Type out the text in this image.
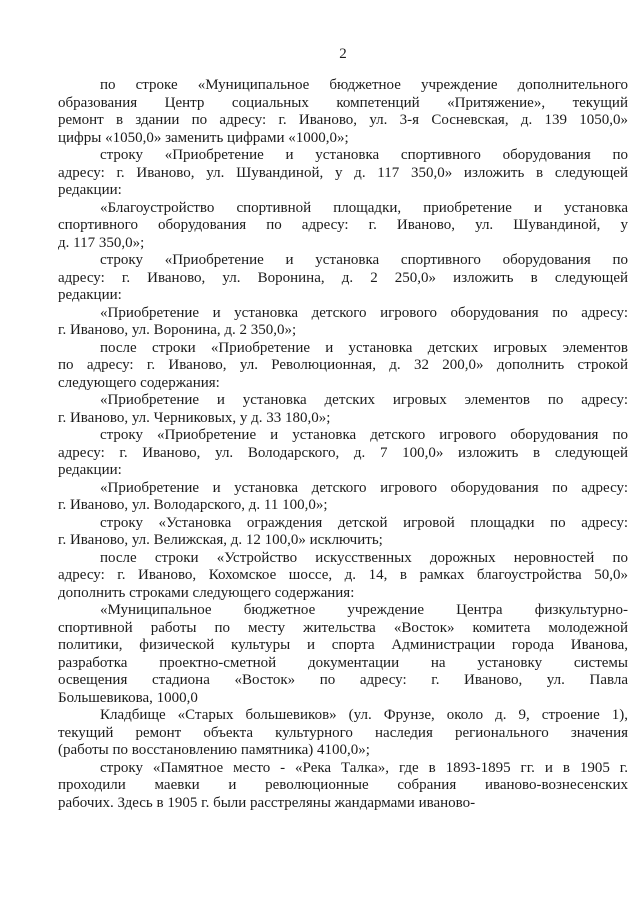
2
по строке «Муниципальное бюджетное учреждение дополнительного
образования Центр социальных компетенций «Притяжение», текущий
ремонт в здании по адресу: г. Иваново, ул. 3-я Сосневская, д. 139 1050,0»
цифры «1050,0» заменить цифрами «1000,0»;
строку «Приобретение и установка спортивного оборудования по
адресу: г. Иваново, ул. Шувандиной, у д. 117 350,0» изложить в следующей
редакции:
«Благоустройство спортивной площадки, приобретение и установка
спортивного оборудования по адресу: г. Иваново, ул. Шувандиной, у
д. 117 350,0»;
строку «Приобретение и установка спортивного оборудования по
адресу: г. Иваново, ул. Воронина, д. 2 250,0» изложить в следующей
редакции:
«Приобретение и установка детского игрового оборудования по адресу:
г. Иваново, ул. Воронина, д. 2 350,0»;
после строки «Приобретение и установка детских игровых элементов
по адресу: г. Иваново, ул. Революционная, д. 32 200,0» дополнить строкой
следующего содержания:
«Приобретение и установка детских игровых элементов по адресу:
г. Иваново, ул. Черниковых, у д. 33 180,0»;
строку «Приобретение и установка детского игрового оборудования по
адресу: г. Иваново, ул. Володарского, д. 7 100,0» изложить в следующей
редакции:
«Приобретение и установка детского игрового оборудования по адресу:
г. Иваново, ул. Володарского, д. 11 100,0»;
строку «Установка ограждения детской игровой площадки по адресу:
г. Иваново, ул. Велижская, д. 12 100,0» исключить;
после строки «Устройство искусственных дорожных неровностей по
адресу: г. Иваново, Кохомское шоссе, д. 14, в рамках благоустройства 50,0»
дополнить строками следующего содержания:
«Муниципальное бюджетное учреждение Центра физкультурно-
спортивной работы по месту жительства «Восток» комитета молодежной
политики, физической культуры и спорта Администрации города Иванова,
разработка проектно-сметной документации на установку системы
освещения стадиона «Восток» по адресу: г. Иваново, ул. Павла
Большевикова, 1000,0
Кладбище «Старых большевиков» (ул. Фрунзе, около д. 9, строение 1),
текущий ремонт объекта культурного наследия регионального значения
(работы по восстановлению памятника) 4100,0»;
строку «Памятное место - «Река Талка», где в 1893-1895 гг. и в 1905 г.
проходили маевки и революционные собрания иваново-вознесенских
рабочих. Здесь в 1905 г. были расстреляны жандармами иваново-
